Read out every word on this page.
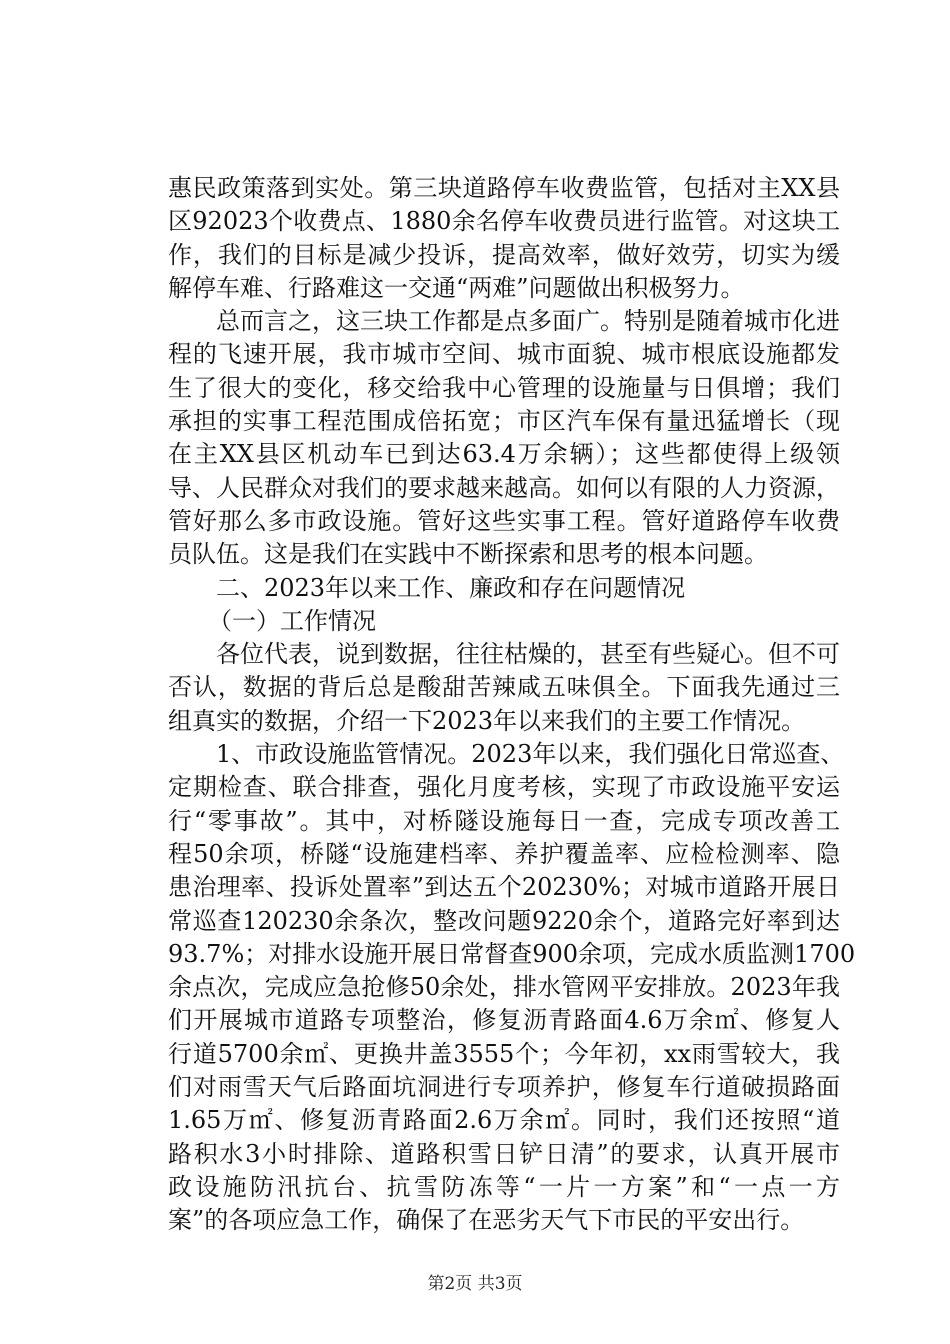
惠民政策落到实处。第三块道路停车收费监管，包括对主XX县
区92023个收费点、1880余名停车收费员进行监管。对这块工
作，我们的目标是减少投诉，提高效率，做好效劳，切实为缓
解停车难、行路难这一交通“两难”问题做出积极努力。
总而言之，这三块工作都是点多面广。特别是随着城市化进
程的飞速开展，我市城市空间、城市面貌、城市根底设施都发
生了很大的变化，移交给我中心管理的设施量与日俱增；我们
承担的实事工程范围成倍拓宽；市区汽车保有量迅猛增长（现
在主XX县区机动车已到达63.4万余辆）；这些都使得上级领
导、人民群众对我们的要求越来越高。如何以有限的人力资源，
管好那么多市政设施。管好这些实事工程。管好道路停车收费
员队伍。这是我们在实践中不断探索和思考的根本问题。
二、2023年以来工作、廉政和存在问题情况
（一）工作情况
各位代表，说到数据，往往枯燥的，甚至有些疑心。但不可
否认，数据的背后总是酸甜苦辣咸五味俱全。下面我先通过三
组真实的数据，介绍一下2023年以来我们的主要工作情况。
1、市政设施监管情况。2023年以来，我们强化日常巡查、
定期检查、联合排查，强化月度考核，实现了市政设施平安运
行“零事故”。其中，对桥隧设施每日一查，完成专项改善工
程50余项，桥隧“设施建档率、养护覆盖率、应检检测率、隐
患治理率、投诉处置率”到达五个20230%；对城市道路开展日
常巡查120230余条次，整改问题9220余个，道路完好率到达
93.7%；对排水设施开展日常督查900余项，完成水质监测1700
余点次，完成应急抢修50余处，排水管网平安排放。2023年我
们开展城市道路专项整治，修复沥青路面4.6万余㎡、修复人
行道5700余㎡、更换井盖3555个；今年初，xx雨雪较大，我
们对雨雪天气后路面坑洞进行专项养护，修复车行道破损路面
1.65万㎡、修复沥青路面2.6万余㎡。同时，我们还按照“道
路积水3小时排除、道路积雪日铲日清”的要求，认真开展市
政设施防汛抗台、抗雪防冻等“一片一方案”和“一点一方
案”的各项应急工作，确保了在恶劣天气下市民的平安出行。
第2页 共3页
